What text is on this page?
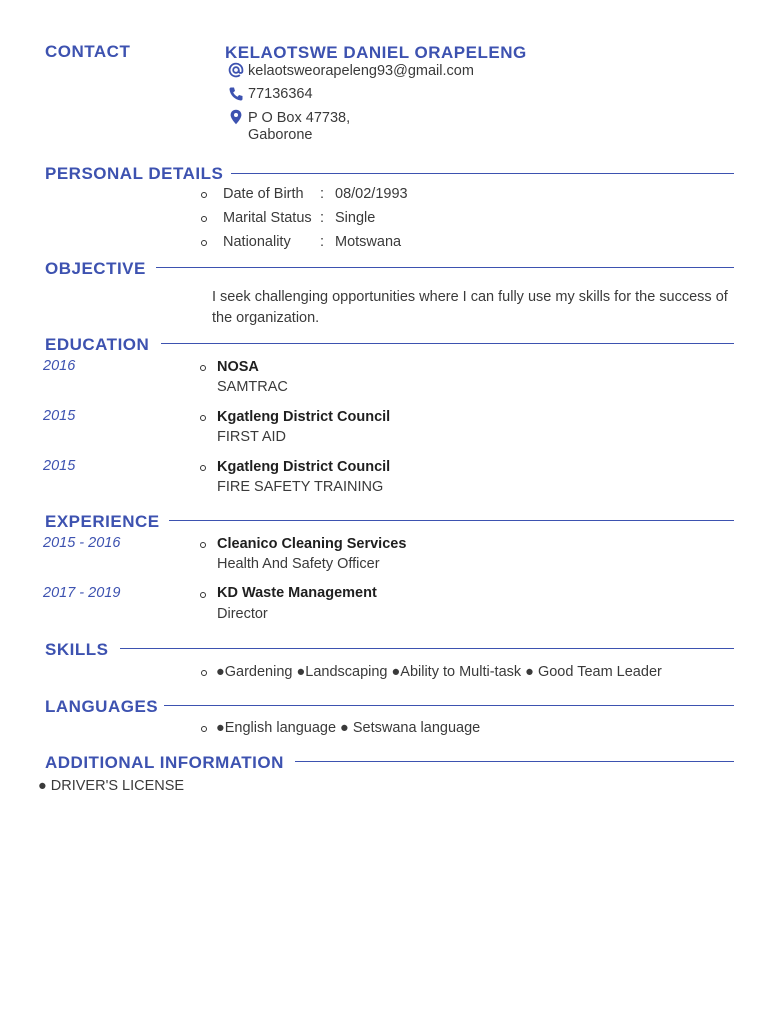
CONTACT	KELAOTSWE DANIEL ORAPELENG
kelaotsweorapeleng93@gmail.com
77136364
P O Box 47738,
Gaborone
PERSONAL DETAILS
Date of Birth : 08/02/1993
Marital Status : Single
Nationality : Motswana
OBJECTIVE
I seek challenging opportunities where I can fully use my skills for the success of the organization.
EDUCATION
2016	NOSA
SAMTRAC
2015	Kgatleng District Council
FIRST AID
2015	Kgatleng District Council
FIRE SAFETY TRAINING
EXPERIENCE
2015 - 2016	Cleanico Cleaning Services
Health And Safety Officer
2017 - 2019	KD Waste Management
Director
SKILLS
●Gardening ●Landscaping ●Ability to Multi-task ● Good Team Leader
LANGUAGES
●English language ● Setswana language
ADDITIONAL INFORMATION
● DRIVER'S LICENSE
